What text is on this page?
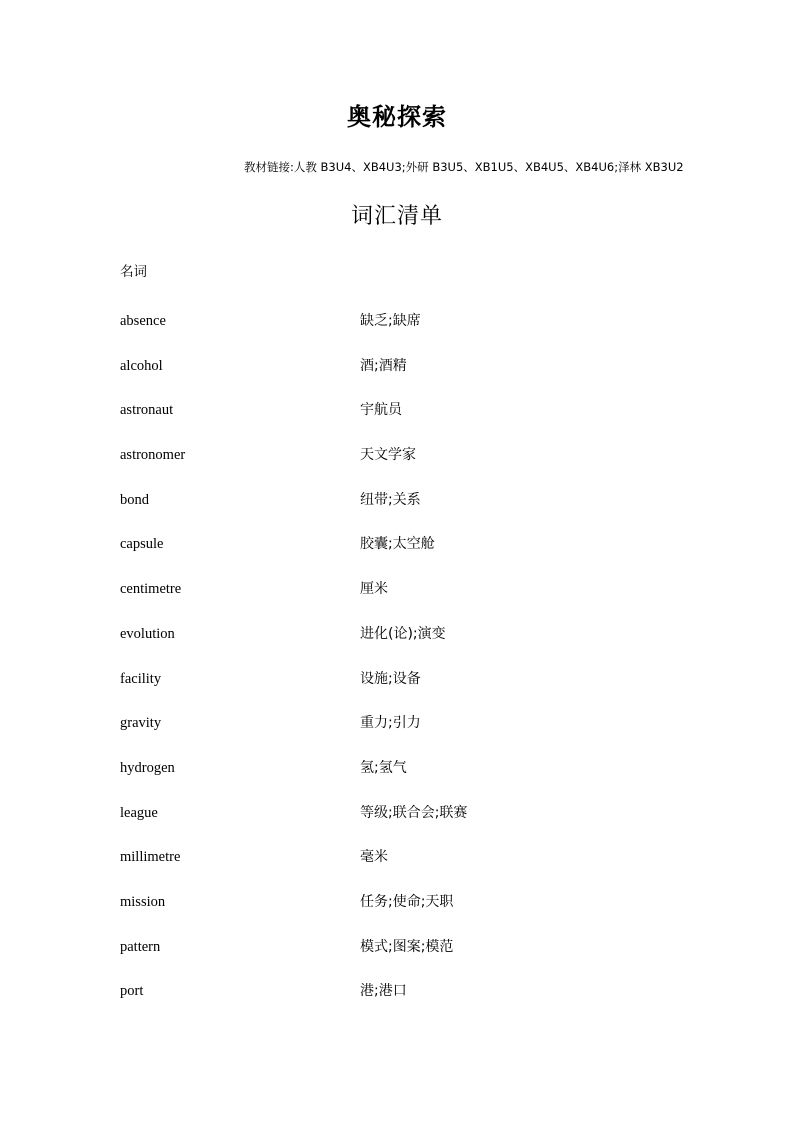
奥秘探索
教材链接:人教 B3U4、XB4U3;外研 B3U5、XB1U5、XB4U5、XB4U6;泽林 XB3U2
词汇清单
名词
absence	缺乏;缺席
alcohol	酒;酒精
astronaut	宇航员
astronomer	天文学家
bond	纽带;关系
capsule	胶囊;太空舱
centimetre	厘米
evolution	进化(论);演变
facility	设施;设备
gravity	重力;引力
hydrogen	氢;氢气
league	等级;联合会;联赛
millimetre	毫米
mission	任务;使命;天职
pattern	模式;图案;模范
port	港;港口
